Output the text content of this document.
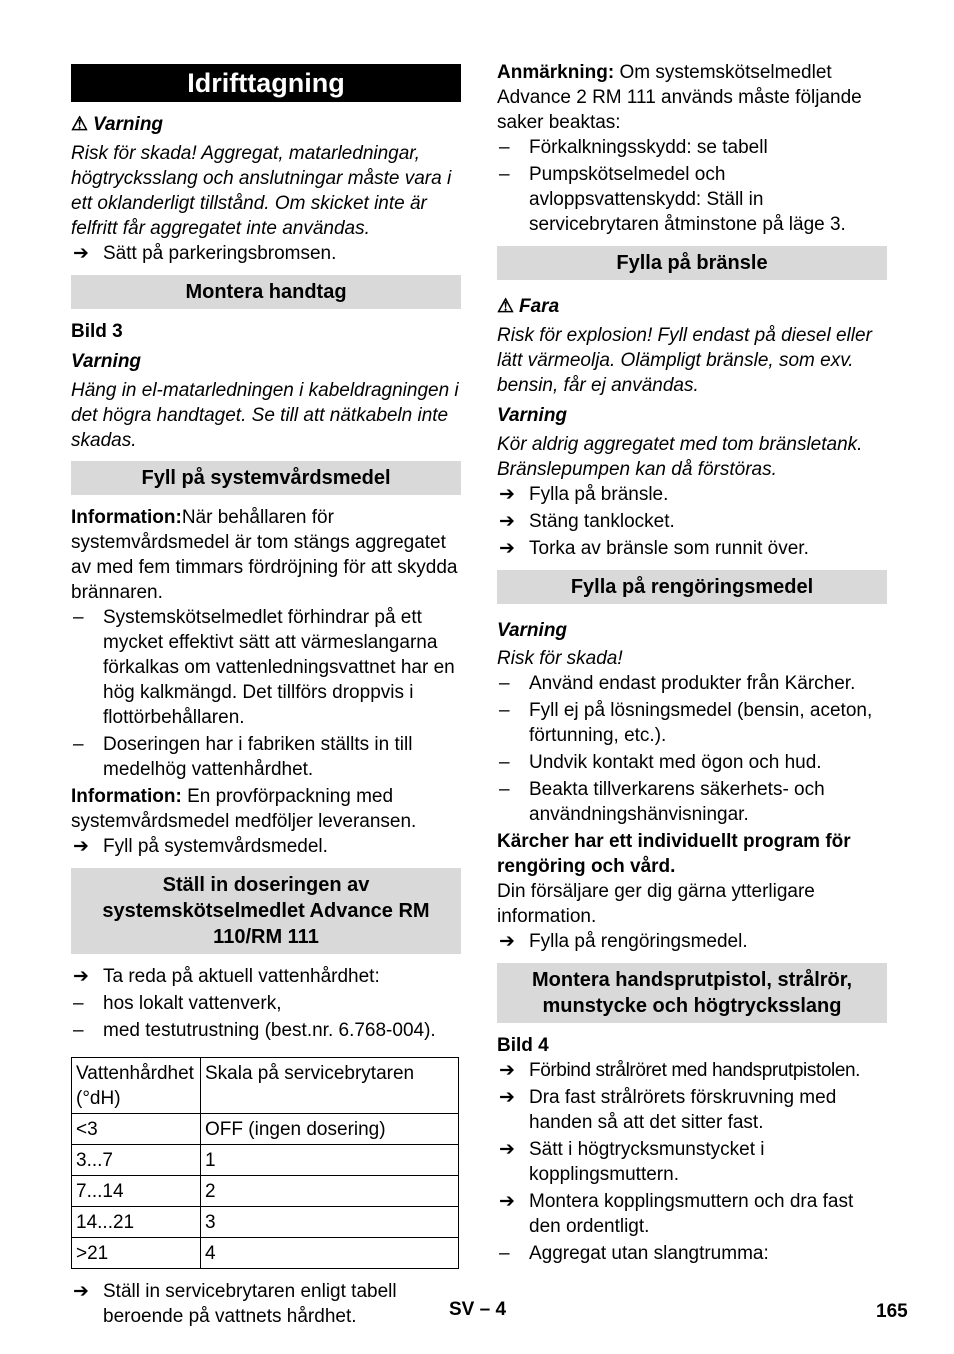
Idrifttagning

⚠ Varning

Risk för skada! Aggregat, matarledningar, högtrycksslang och anslutningar måste vara i ett oklanderligt tillstånd. Om skicket inte är felfritt får aggregatet inte användas.

➔ Sätt på parkeringsbromsen.
Montera handtag

Bild 3

Varning

Häng in el-matarledningen i kabeldragningen i det högra handtaget. Se till att nätkabeln inte skadas.

Fyll på systemvårdsmedel

Information:När behållaren för systemvårdsmedel är tom stängs aggregatet av med fem timmars fördröjning för att skydda brännaren.

–	Systemskötselmedlet förhindrar på ett mycket effektivt sätt att värmeslangarna förkalkas om vattenledningsvattnet har en hög kalkmängd. Det tillförs droppvis i flottörbehållaren.
–	Doseringen har i fabriken ställts in till medelhög vattenhårdhet.

Information: En provförpackning med systemvårdsmedel medföljer leveransen.

➔ Fyll på systemvårdsmedel.
Ställ in doseringen av systemskötselmedlet Advance RM 110/RM 111
➔ Ta reda på aktuell vattenhårdhet:
–	hos lokalt vattenverk,
–	med testutrustning (best.nr. 6.768-004).
Vattenhårdhet (°dH)	Skala på servicebrytaren
<3	OFF (ingen dosering)
3...7	1
7...14	2
14...21	3
>21	4
➔ Ställ in servicebrytaren enligt tabell beroende på vattnets hårdhet.

Anmärkning: Om systemskötselmedlet Advance 2 RM 111 används måste följande saker beaktas:

–	Förkalkningsskydd: se tabell
–	Pumpskötselmedel och avloppsvattenskydd: Ställ in servicebrytaren åtminstone på läge 3.
Fylla på bränsle

⚠ Fara

Risk för explosion! Fyll endast på diesel eller lätt värmeolja. Olämpligt bränsle, som exv. bensin, får ej användas.

Varning

Kör aldrig aggregatet med tom bränsletank. Bränslepumpen kan då förstöras.

➔ Fylla på bränsle.
➔ Stäng tanklocket.
➔ Torka av bränsle som runnit över.
Fylla på rengöringsmedel

Varning

Risk för skada!

–	Använd endast produkter från Kärcher.
–	Fyll ej på lösningsmedel (bensin, aceton, förtunning, etc.).
–	Undvik kontakt med ögon och hud.
–	Beakta tillverkarens säkerhets- och användningshänvisningar.

Kärcher har ett individuellt program för rengöring och vård.

Din försäljare ger dig gärna ytterligare information.

➔ Fylla på rengöringsmedel.
Montera handsprutpistol, strålrör, munstycke och högtrycksslang

Bild 4

➔ Förbind strålröret med handsprutpistolen.
➔ Dra fast strålrörets förskruvning med handen så att det sitter fast.
➔ Sätt i högtrycksmunstycket i kopplingsmuttern.
➔ Montera kopplingsmuttern och dra fast den ordentligt.
–	Aggregat utan slangtrumma:
SV – 4	165
